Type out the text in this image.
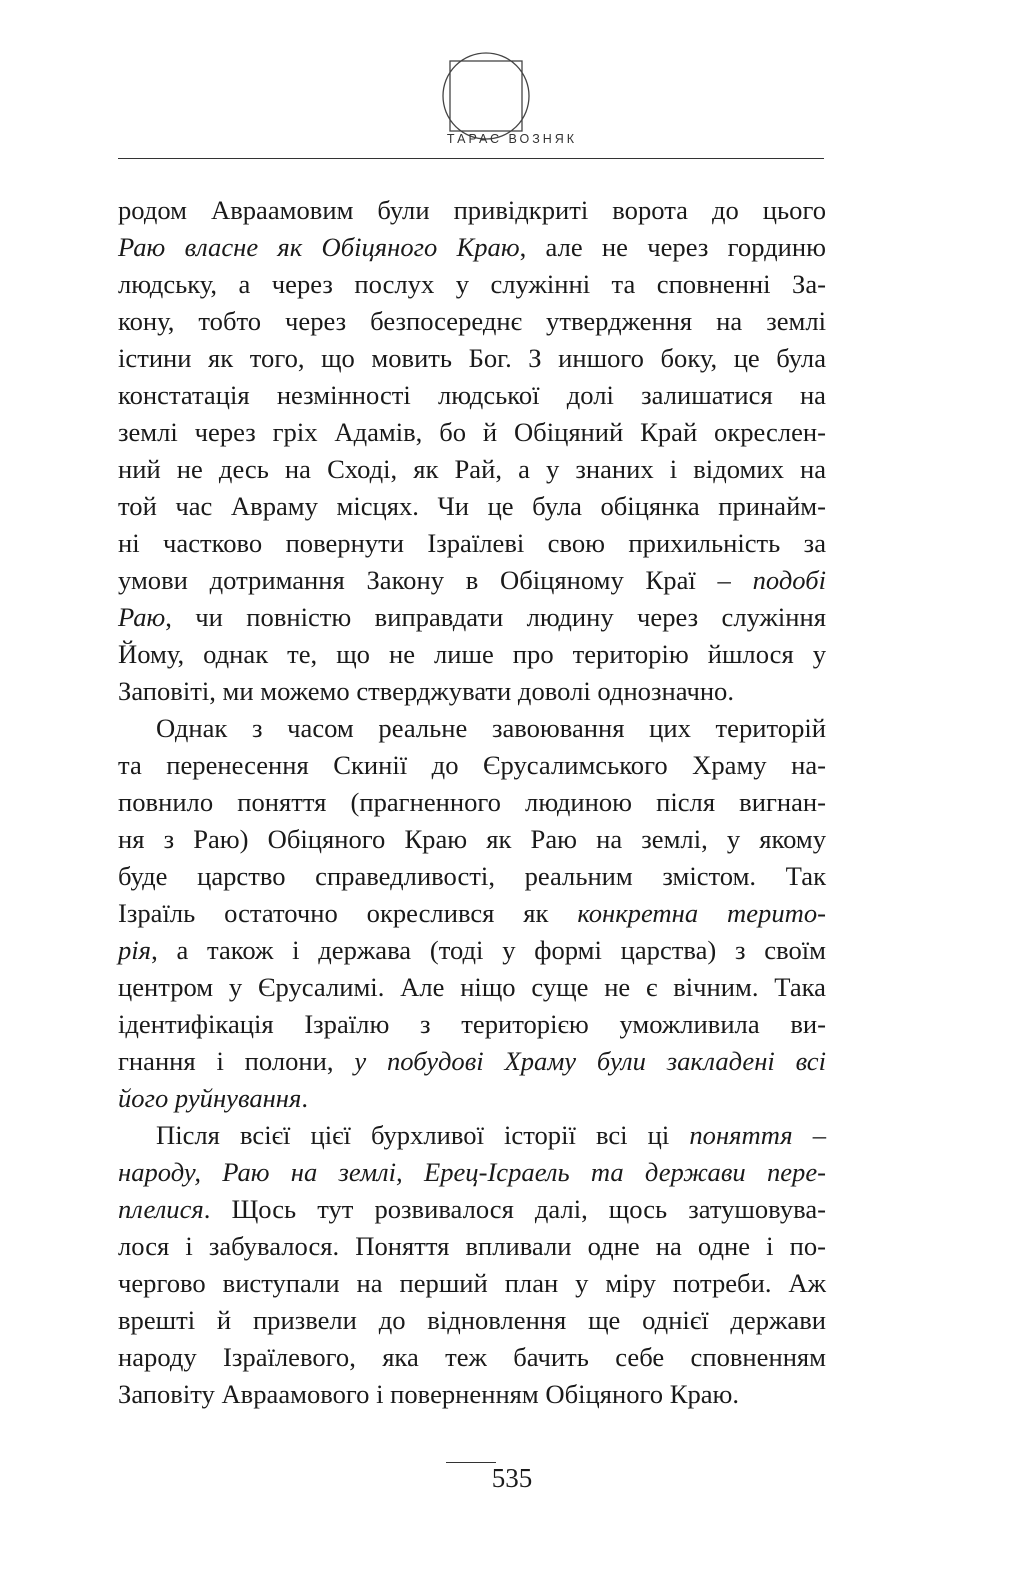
ТАРАС ВОЗНЯК
родом Авраамовим були привідкриті ворота до цього
Раю власне як Обіцяного Краю, але не через гординю
людську, а через послух у служінні та сповненні За-
кону, тобто через безпосереднє утвердження на землі
істини як того, що мовить Бог. З иншого боку, це була
констатація незмінності людської долі залишатися на
землі через гріх Адамів, бо й Обіцяний Край окреслен-
ний не десь на Сході, як Рай, а у знаних і відомих на
той час Авраму місцях. Чи це була обіцянка принайм-
ні частково повернути Ізраїлеві свою прихильність за
умови дотримання Закону в Обіцяному Краї – подобі
Раю, чи повністю виправдати людину через служіння
Йому, однак те, що не лише про територію йшлося у
Заповіті, ми можемо стверджувати доволі однозначно.
Однак з часом реальне завоювання цих територій
та перенесення Скинії до Єрусалимського Храму на-
повнило поняття (прагненного людиною після вигнан-
ня з Раю) Обіцяного Краю як Раю на землі, у якому
буде царство справедливості, реальним змістом. Так
Ізраїль остаточно окреслився як конкретна терито-
рія, а також і держава (тоді у формі царства) з своїм
центром у Єрусалимі. Але ніщо суще не є вічним. Така
ідентифікація Ізраїлю з територією уможливила ви-
гнання і полони, у побудові Храму були закладені всі
його руйнування.
Після всієї цієї бурхливої історії всі ці поняття –
народу, Раю на землі, Ерец-Ісраель та держави пере-
плелися. Щось тут розвивалося далі, щось затушовува-
лося і забувалося. Поняття впливали одне на одне і по-
чергово виступали на перший план у міру потреби. Аж
врешті й призвели до відновлення ще однієї держави
народу Ізраїлевого, яка теж бачить себе сповненням
Заповіту Авраамового і поверненням Обіцяного Краю.
535
